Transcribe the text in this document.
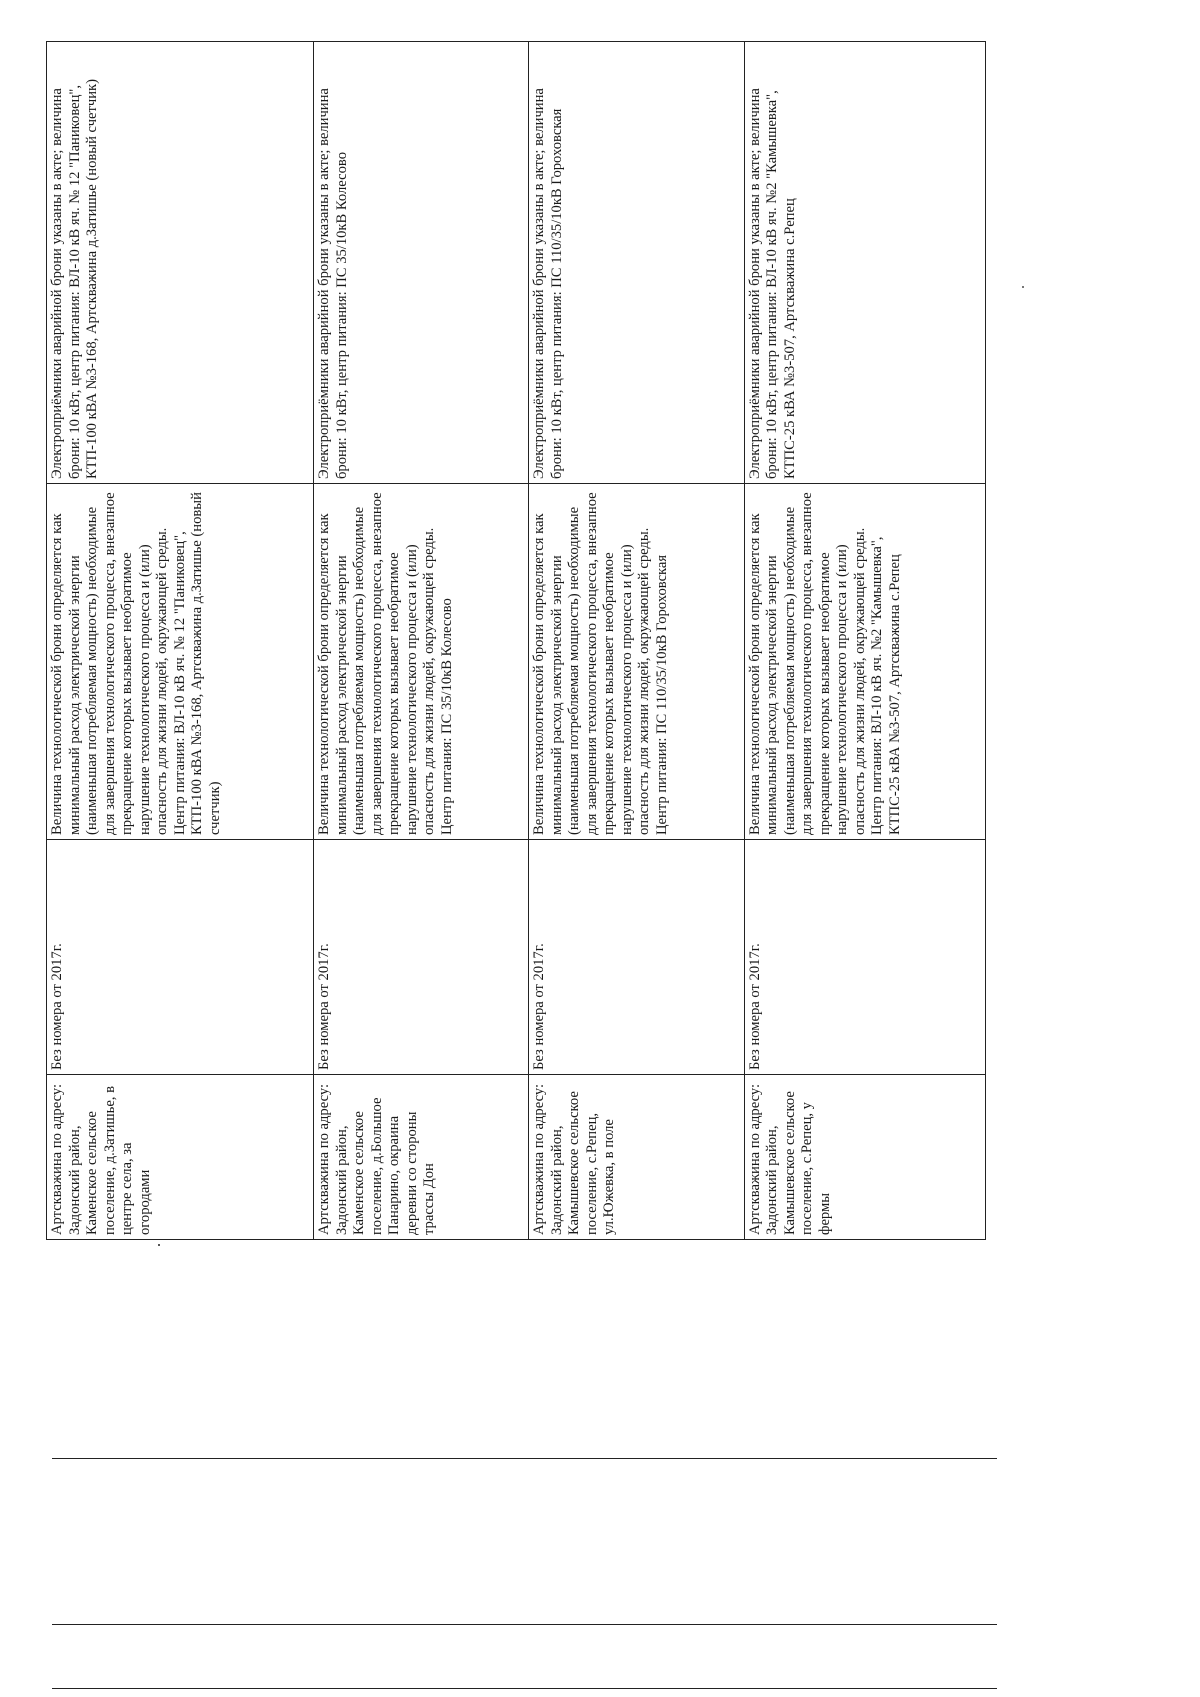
Артскважина по адресу: Задонский район, Каменское сельское поселение, д.Затишье, в центре села, за огородами	Без номера от 2017г.	Величина технологической брони определяется как минимальный расход электрической энергии (наименьшая потребляемая мощность) необходимые для завершения технологического процесса, внезапное прекращение которых вызывает необратимое нарушение технологического процесса и (или) опасность для жизни людей, окружающей среды. Центр питания: ВЛ-10 кВ яч. № 12 "Паниковец", КТП-100 кВА №3-168, Артскважина д.Затишье (новый счетчик)	Электроприёмники аварийной брони указаны в акте; величина брони: 10 кВт, центр питания: ВЛ-10 кВ яч. № 12 "Паниковец", КТП-100 кВА №3-168, Артскважина д.Затишье (новый счетчик)
Артскважина по адресу: Задонский район, Каменское сельское поселение, д.Большое Панарино, окраина деревни со стороны трассы Дон	Без номера от 2017г.	Величина технологической брони определяется как минимальный расход электрической энергии (наименьшая потребляемая мощность) необходимые для завершения технологического процесса, внезапное прекращение которых вызывает необратимое нарушение технологического процесса и (или) опасность для жизни людей, окружающей среды. Центр питания: ПС 35/10кВ Колесово	Электроприёмники аварийной брони указаны в акте; величина брони: 10 кВт, центр питания: ПС 35/10кВ Колесово
Артскважина по адресу: Задонский район, Камышевское сельское поселение, с.Репец, ул.Южевка, в поле	Без номера от 2017г.	Величина технологической брони определяется как минимальный расход электрической энергии (наименьшая потребляемая мощность) необходимые для завершения технологического процесса, внезапное прекращение которых вызывает необратимое нарушение технологического процесса и (или) опасность для жизни людей, окружающей среды. Центр питания: ПС 110/35/10кВ Гороховская	Электроприёмники аварийной брони указаны в акте; величина брони: 10 кВт, центр питания: ПС 110/35/10кВ Гороховская
Артскважина по адресу: Задонский район, Камышевское сельское поселение, с.Репец, у фермы	Без номера от 2017г.	Величина технологической брони определяется как минимальный расход электрической энергии (наименьшая потребляемая мощность) необходимые для завершения технологического процесса, внезапное прекращение которых вызывает необратимое нарушение технологического процесса и (или) опасность для жизни людей, окружающей среды. Центр питания: ВЛ-10 кВ яч. №2 "Камышевка", КТПС-25 кВА №3-507, Артскважина с.Репец	Электроприёмники аварийной брони указаны в акте; величина брони: 10 кВт, центр питания: ВЛ-10 кВ яч. №2 "Камышевка", КТПС-25 кВА №3-507, Артскважина с.Репец
